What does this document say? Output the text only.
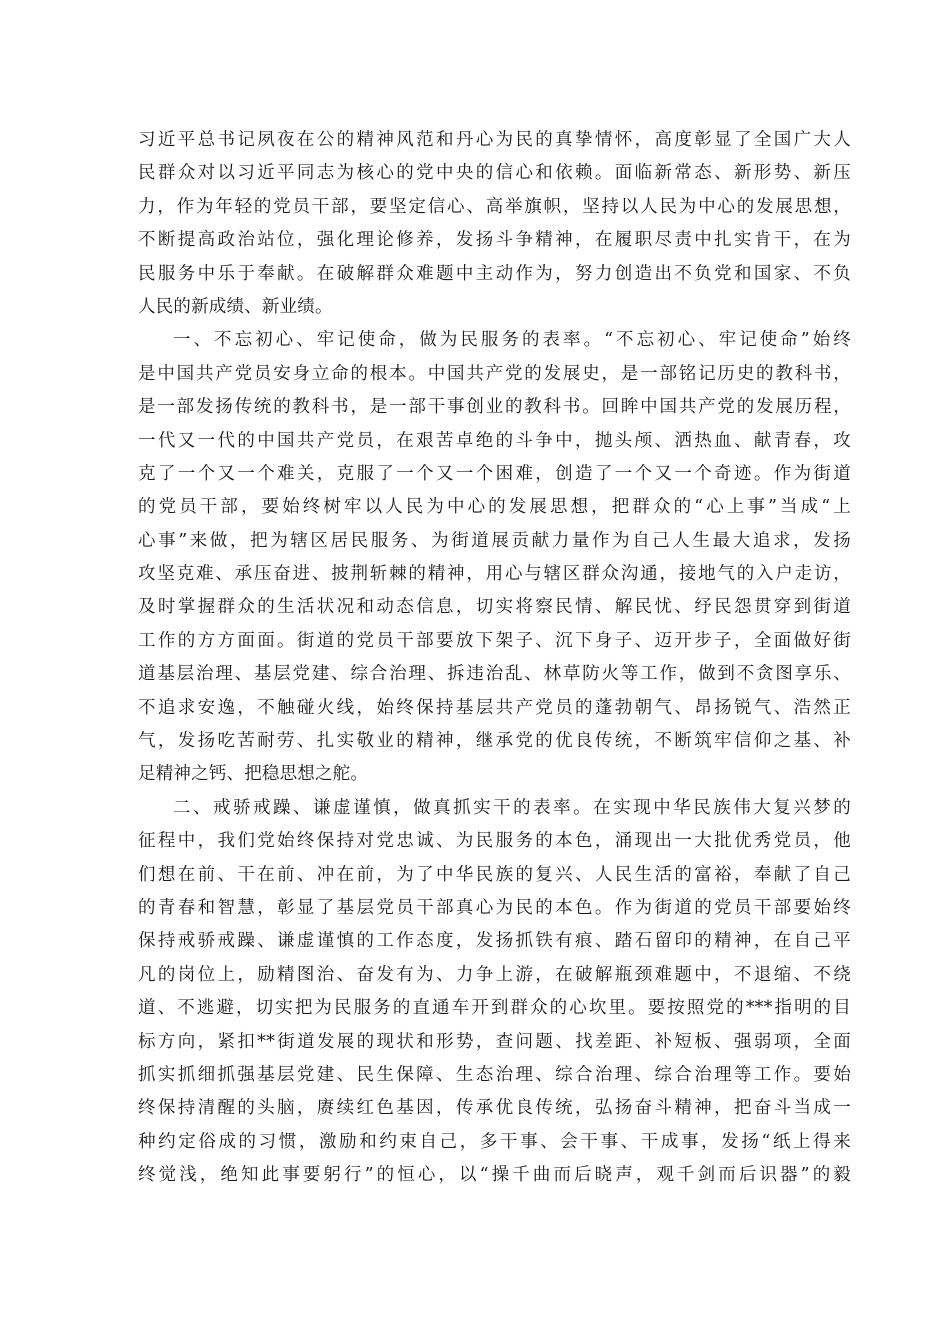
习近平总书记夙夜在公的精神风范和丹心为民的真挚情怀，高度彰显了全国广大人
民群众对以习近平同志为核心的党中央的信心和依赖。面临新常态、新形势、新压
力，作为年轻的党员干部，要坚定信心、高举旗帜，坚持以人民为中心的发展思想，
不断提高政治站位，强化理论修养，发扬斗争精神，在履职尽责中扎实肯干，在为
民服务中乐于奉献。在破解群众难题中主动作为，努力创造出不负党和国家、不负
人民的新成绩、新业绩。
一、不忘初心、牢记使命，做为民服务的表率。“不忘初心、牢记使命”始终
是中国共产党员安身立命的根本。中国共产党的发展史，是一部铭记历史的教科书，
是一部发扬传统的教科书，是一部干事创业的教科书。回眸中国共产党的发展历程，
一代又一代的中国共产党员，在艰苦卓绝的斗争中，抛头颅、洒热血、献青春，攻
克了一个又一个难关，克服了一个又一个困难，创造了一个又一个奇迹。作为街道
的党员干部，要始终树牢以人民为中心的发展思想，把群众的“心上事”当成“上
心事”来做，把为辖区居民服务、为街道展贡献力量作为自己人生最大追求，发扬
攻坚克难、承压奋进、披荆斩棘的精神，用心与辖区群众沟通，接地气的入户走访，
及时掌握群众的生活状况和动态信息，切实将察民情、解民忧、纾民怨贯穿到街道
工作的方方面面。街道的党员干部要放下架子、沉下身子、迈开步子，全面做好街
道基层治理、基层党建、综合治理、拆违治乱、林草防火等工作，做到不贪图享乐、
不追求安逸，不触碰火线，始终保持基层共产党员的蓬勃朝气、昂扬锐气、浩然正
气，发扬吃苦耐劳、扎实敬业的精神，继承党的优良传统，不断筑牢信仰之基、补
足精神之钙、把稳思想之舵。
二、戒骄戒躁、谦虚谨慎，做真抓实干的表率。在实现中华民族伟大复兴梦的
征程中，我们党始终保持对党忠诚、为民服务的本色，涌现出一大批优秀党员，他
们想在前、干在前、冲在前，为了中华民族的复兴、人民生活的富裕，奉献了自己
的青春和智慧，彰显了基层党员干部真心为民的本色。作为街道的党员干部要始终
保持戒骄戒躁、谦虚谨慎的工作态度，发扬抓铁有痕、踏石留印的精神，在自己平
凡的岗位上，励精图治、奋发有为、力争上游，在破解瓶颈难题中，不退缩、不绕
道、不逃避，切实把为民服务的直通车开到群众的心坎里。要按照党的***指明的目
标方向，紧扣**街道发展的现状和形势，查问题、找差距、补短板、强弱项，全面
抓实抓细抓强基层党建、民生保障、生态治理、综合治理、综合治理等工作。要始
终保持清醒的头脑，赓续红色基因，传承优良传统，弘扬奋斗精神，把奋斗当成一
种约定俗成的习惯，激励和约束自己，多干事、会干事、干成事，发扬“纸上得来
终觉浅，绝知此事要躬行”的恒心，以“操千曲而后晓声，观千剑而后识器”的毅
